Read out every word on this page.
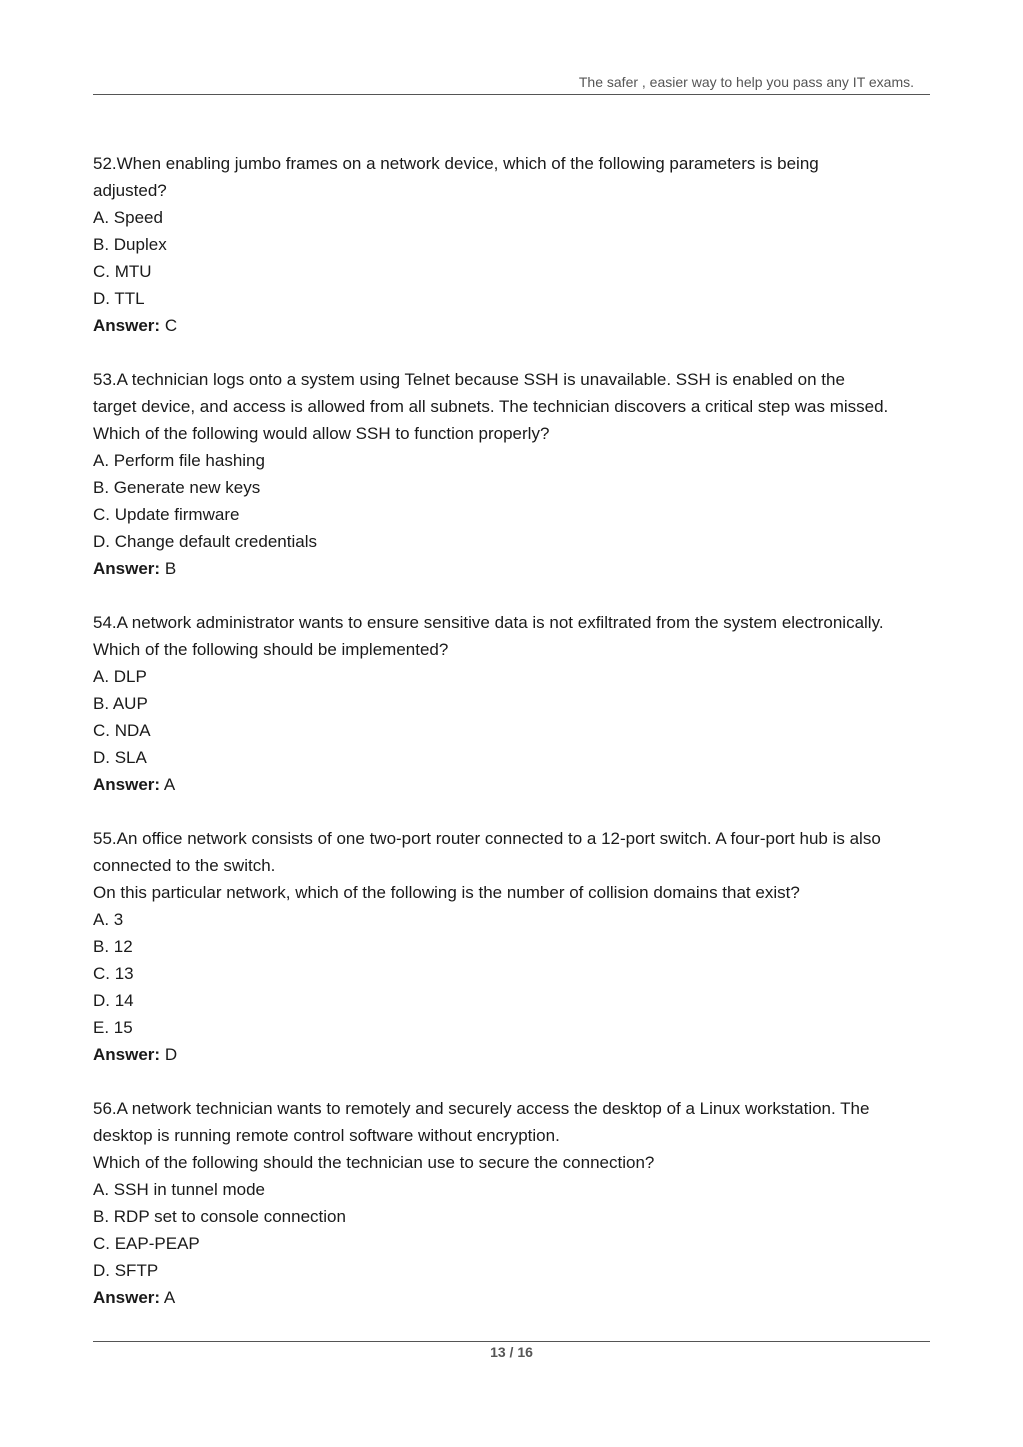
The safer , easier way to help you pass any IT exams.
52.When enabling jumbo frames on a network device, which of the following parameters is being
adjusted?
A. Speed
B. Duplex
C. MTU
D. TTL
Answer: C
53.A technician logs onto a system using Telnet because SSH is unavailable. SSH is enabled on the
target device, and access is allowed from all subnets. The technician discovers a critical step was missed.
Which of the following would allow SSH to function properly?
A. Perform file hashing
B. Generate new keys
C. Update firmware
D. Change default credentials
Answer: B
54.A network administrator wants to ensure sensitive data is not exfiltrated from the system electronically.
Which of the following should be implemented?
A. DLP
B. AUP
C. NDA
D. SLA
Answer: A
55.An office network consists of one two-port router connected to a 12-port switch. A four-port hub is also
connected to the switch.
On this particular network, which of the following is the number of collision domains that exist?
A. 3
B. 12
C. 13
D. 14
E. 15
Answer: D
56.A network technician wants to remotely and securely access the desktop of a Linux workstation. The
desktop is running remote control software without encryption.
Which of the following should the technician use to secure the connection?
A. SSH in tunnel mode
B. RDP set to console connection
C. EAP-PEAP
D. SFTP
Answer: A
13 / 16
